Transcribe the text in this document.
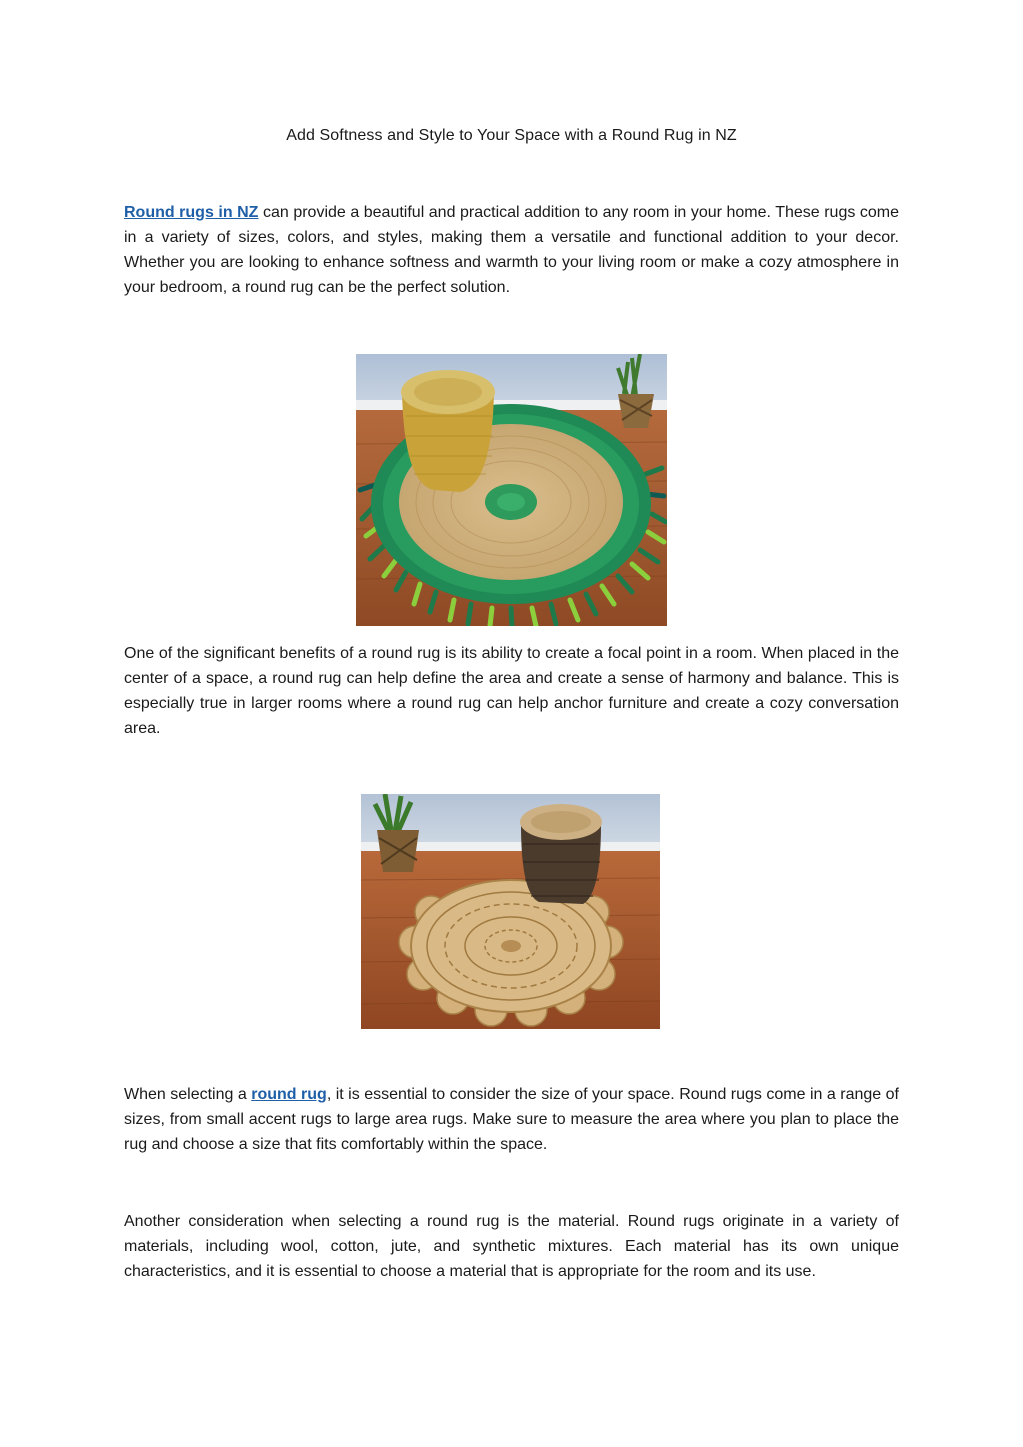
Add Softness and Style to Your Space with a Round Rug in NZ

Round rugs in NZ can provide a beautiful and practical addition to any room in your home. These rugs come in a variety of sizes, colors, and styles, making them a versatile and functional addition to your decor. Whether you are looking to enhance softness and warmth to your living room or make a cozy atmosphere in your bedroom, a round rug can be the perfect solution.

One of the significant benefits of a round rug is its ability to create a focal point in a room. When placed in the center of a space, a round rug can help define the area and create a sense of harmony and balance. This is especially true in larger rooms where a round rug can help anchor furniture and create a cozy conversation area.

When selecting a round rug, it is essential to consider the size of your space. Round rugs come in a range of sizes, from small accent rugs to large area rugs. Make sure to measure the area where you plan to place the rug and choose a size that fits comfortably within the space.

Another consideration when selecting a round rug is the material. Round rugs originate in a variety of materials, including wool, cotton, jute, and synthetic mixtures. Each material has its own unique characteristics, and it is essential to choose a material that is appropriate for the room and its use.
